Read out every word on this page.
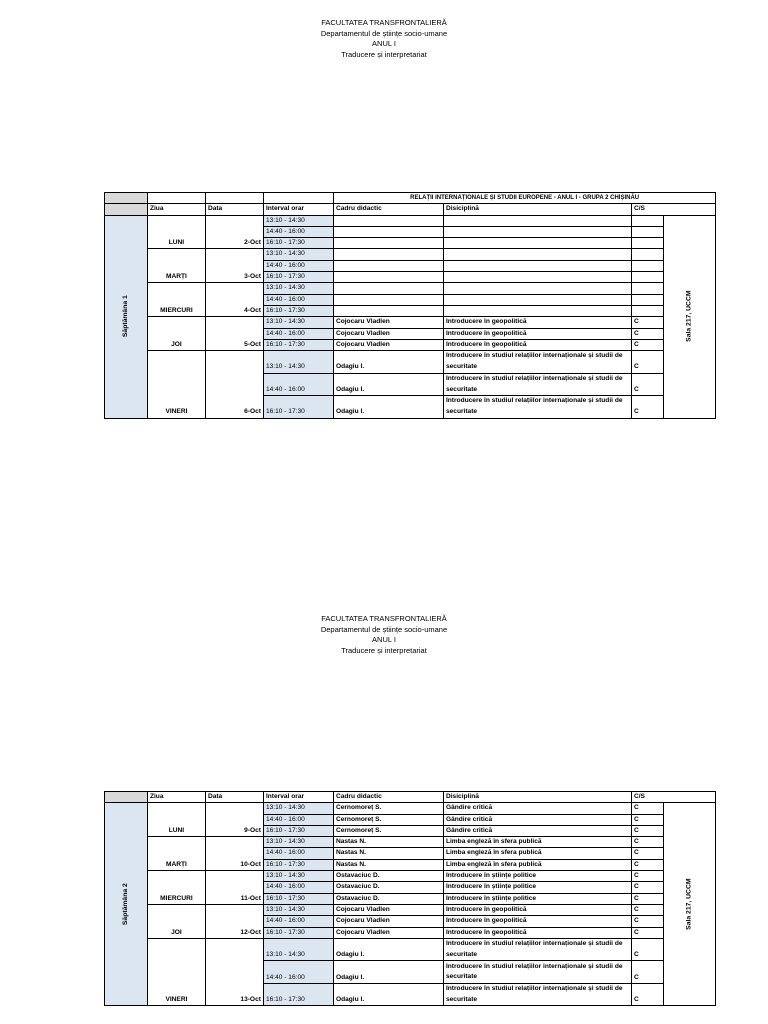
FACULTATEA TRANSFRONTALIERĂ
Departamentul de științe socio-umane
ANUL I
Traducere și interpretariat
				RELAȚII INTERNAȚIONALE ȘI STUDII EUROPENE - ANUL I - GRUPA 2 CHIȘINĂU			
	Ziua	Data	Interval orar	Cadru didactic	Disiciplină	C/S	
Săptămâna 1	LUNI	2-Oct	13:10 - 14:30				Sala 217, UCCM
			14:40 - 16:00				
			16:10 - 17:30				
	MARȚI	3-Oct	13:10 - 14:30				
			14:40 - 16:00				
			16:10 - 17:30				
	MIERCURI	4-Oct	13:10 - 14:30				
			14:40 - 16:00				
			16:10 - 17:30				
	JOI	5-Oct	13:10 - 14:30	Cojocaru Vladlen	Introducere în geopolitică	C	
			14:40 - 16:00	Cojocaru Vladlen	Introducere în geopolitică	C	
			16:10 - 17:30	Cojocaru Vladlen	Introducere în geopolitică	C	
	VINERI	6-Oct	13:10 - 14:30	Odagiu I.	Introducere în studiul relațiilor internaționale și studii de securitate	C	
			14:40 - 16:00	Odagiu I.	Introducere în studiul relațiilor internaționale și studii de securitate	C	
			16:10 - 17:30	Odagiu I.	Introducere în studiul relațiilor internaționale și studii de securitate	C	
FACULTATEA TRANSFRONTALIERĂ
Departamentul de științe socio-umane
ANUL I
Traducere și interpretariat
	Ziua	Data	Interval orar	Cadru didactic	Disiciplină	C/S	
Săptămâna 2	LUNI	9-Oct	13:10 - 14:30	Cernomoreț S.	Gândire critică	C	Sala 217, UCCM
			14:40 - 16:00	Cernomoreț S.	Gândire critică	C	
			16:10 - 17:30	Cernomoreț S.	Gândire critică	C	
	MARȚI	10-Oct	13:10 - 14:30	Nastas N.	Limba engleză în sfera publică	C	
			14:40 - 16:00	Nastas N.	Limba engleză în sfera publică	C	
			16:10 - 17:30	Nastas N.	Limba engleză în sfera publică	C	
	MIERCURI	11-Oct	13:10 - 14:30	Ostavaciuc D.	Introducere în științe politice	C	
			14:40 - 16:00	Ostavaciuc D.	Introducere în științe politice	C	
			16:10 - 17:30	Ostavaciuc D.	Introducere în științe politice	C	
	JOI	12-Oct	13:10 - 14:30	Cojocaru Vladlen	Introducere în geopolitică	C	
			14:40 - 16:00	Cojocaru Vladlen	Introducere în geopolitică	C	
			16:10 - 17:30	Cojocaru Vladlen	Introducere în geopolitică	C	
	VINERI	13-Oct	13:10 - 14:30	Odagiu I.	Introducere în studiul relațiilor internaționale și studii de securitate	C	
			14:40 - 16:00	Odagiu I.	Introducere în studiul relațiilor internaționale și studii de securitate	C	
			16:10 - 17:30	Odagiu I.	Introducere în studiul relațiilor internaționale și studii de securitate	C	
